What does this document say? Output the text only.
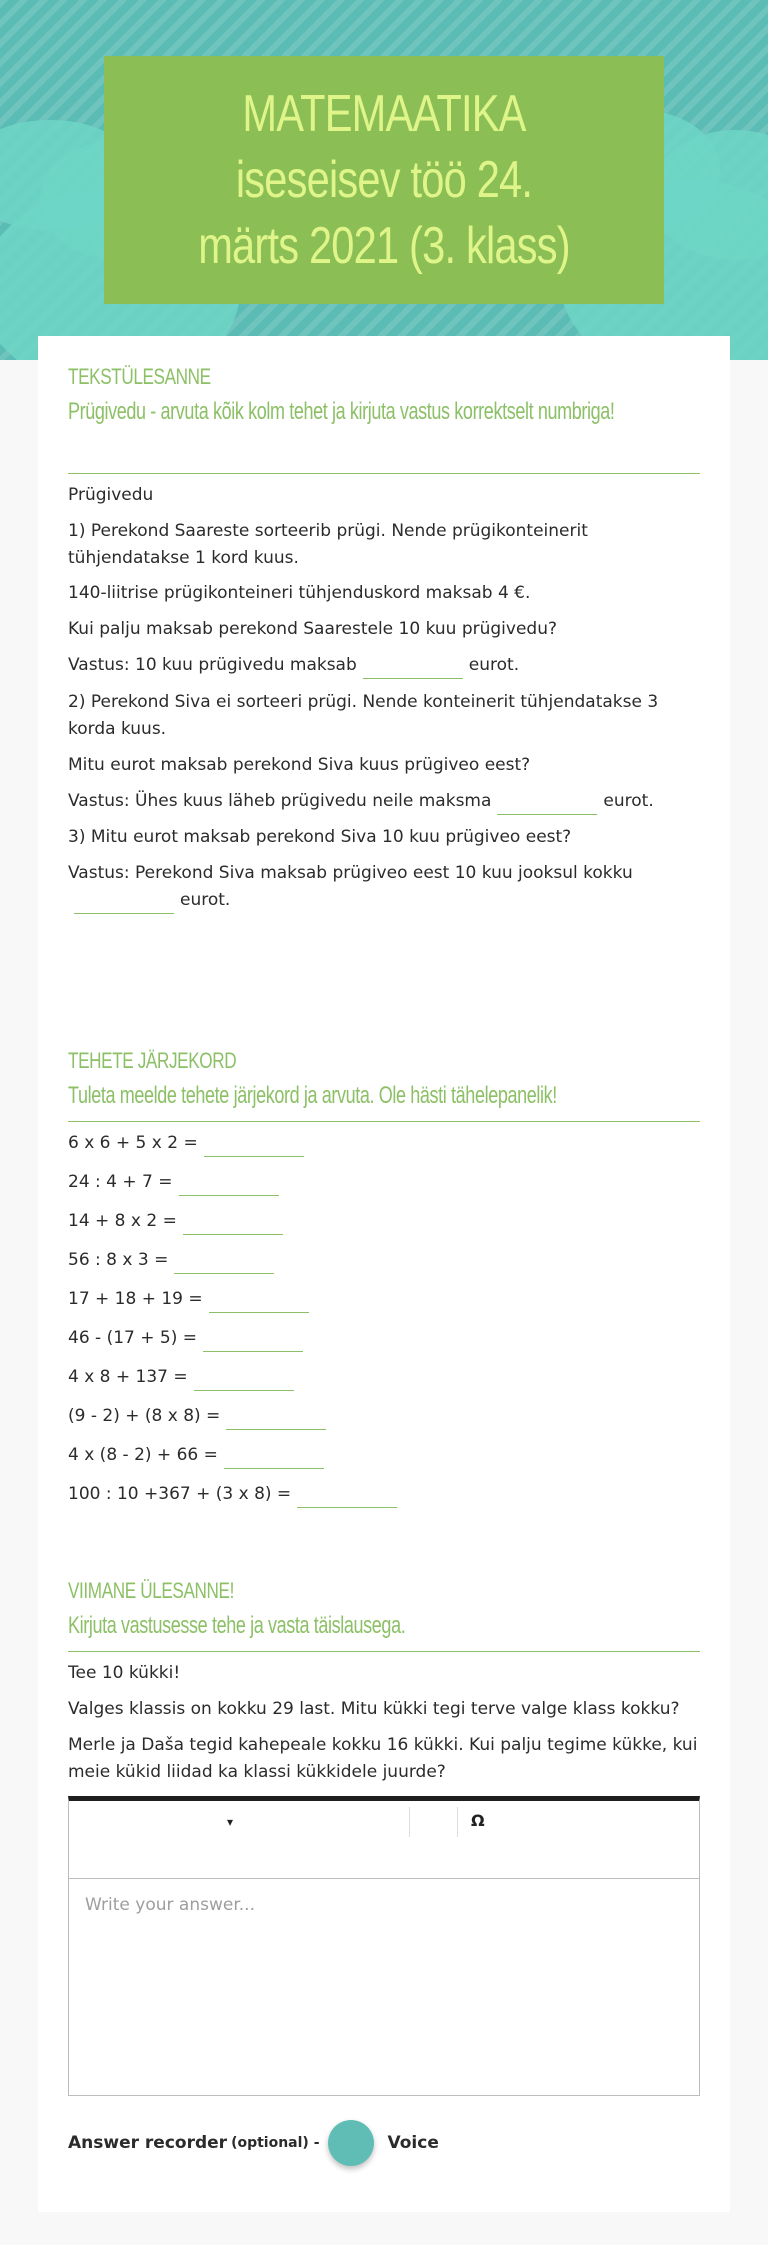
MATEMAATIKA iseseisev töö 24. märts 2021 (3. klass)
TEKSTÜLESANNE
Prügivedu - arvuta kõik kolm tehet ja kirjuta vastus korrektselt numbriga!
Prügivedu
1) Perekond Saareste sorteerib prügi. Nende prügikonteinerit tühjendatakse 1 kord kuus.
140-liitrise prügikonteineri tühjenduskord maksab 4 €.
Kui palju maksab perekond Saarestele 10 kuu prügivedu?
Vastus: 10 kuu prügivedu maksab	eurot.
2) Perekond Siva ei sorteeri prügi. Nende konteinerit tühjendatakse 3 korda kuus.
Mitu eurot maksab perekond Siva kuus prügiveo eest?
Vastus: Ühes kuus läheb prügivedu neile maksma	eurot.
3) Mitu eurot maksab perekond Siva 10 kuu prügiveo eest?
Vastus: Perekond Siva maksab prügiveo eest 10 kuu jooksul kokku
eurot.
TEHETE JÄRJEKORD
Tuleta meelde tehete järjekord ja arvuta. Ole hästi tähelepanelik!
6 x 6 + 5 x 2 =
24 : 4 + 7 =
14 + 8 x 2 =
56 : 8 x 3 =
17 + 18 + 19 =
46 - (17 + 5) =
4 x 8 + 137 =
(9 - 2) + (8 x 8) =
4 x (8 - 2) + 66 =
100 : 10 +367 + (3 x 8) =
VIIMANE ÜLESANNE!
Kirjuta vastusesse tehe ja vasta täislausega.
Tee 10 kükki!
Valges klassis on kokku 29 last. Mitu kükki tegi terve valge klass kokku?
Merle ja Daša tegid kahepeale kokku 16 kükki. Kui palju tegime kükke, kui meie kükid liidad ka klassi kükkidele juurde?
▾	Ω
Write your answer...
Answer recorder (optional) -	Voice
